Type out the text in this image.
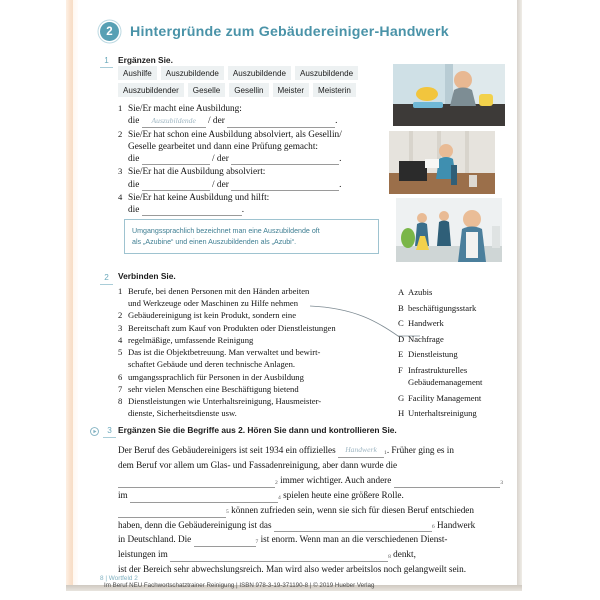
2	Hintergründe zum Gebäudereiniger-Handwerk
1	Ergänzen Sie.
Aushilfe	Auszubildende	Auszubildende	Auszubildende
Auszubildender	Geselle	Gesellin	Meister	Meisterin
1 Sie/Er macht eine Ausbildung:
die
	Auszubildende
	/ der
	.
2 Sie/Er hat schon eine Ausbildung absolviert, als Gesellin/
Geselle gearbeitet und dann eine Prüfung gemacht:
die

	/ der
	.
3 Sie/Er hat die Ausbildung absolviert:
die

	/ der
	.
4 Sie/Er hat keine Ausbildung und hilft:
die
	.
Umgangssprachlich bezeichnet man eine Auszubildende oft
als „Azubine“ und einen Auszubildenden als „Azubi“.
2	Verbinden Sie.
1 Berufe, bei denen Personen mit den Händen arbeiten
und Werkzeuge oder Maschinen zu Hilfe nehmen
2 Gebäudereinigung ist kein Produkt, sondern eine
3 Bereitschaft zum Kauf von Produkten oder Dienstleistungen
4 regelmäßige, umfassende Reinigung
5 Das ist die Objektbetreuung. Man verwaltet und bewirt-
schaftet Gebäude und deren technische Anlagen.
6 umgangssprachlich für Personen in der Ausbildung
7 sehr vielen Menschen eine Beschäftigung bietend
8 Dienstleistungen wie Unterhaltsreinigung, Hausmeister-
dienste, Sicherheitsdienste usw.
A Azubis
B beschäftigungsstark
C Handwerk
D Nachfrage
E Dienstleistung
F Infrastrukturelles
Gebäudemanagement
G Facility Management
H Unterhaltsreinigung
3 Ergänzen Sie die Begriffe aus 2. Hören Sie dann und kontrollieren Sie.
Der Beruf des Gebäudereinigers ist seit 1934 ein offizielles
	Handwerk	1 . Früher ging es in
dem Beruf vor allem um Glas- und Fassadenreinigung, aber dann wurde die
2
immer wichtiger. Auch andere
	3
im
	4
spielen heute eine größere Rolle.
5
können zufrieden sein, wenn sie sich für diesen Beruf entschieden
haben, denn die Gebäudereinigung ist das
	6
Handwerk
in Deutschland. Die
	7
ist enorm. Wenn man an die verschiedenen Dienst-
leistungen im
	8
denkt,
ist der Bereich sehr abwechslungsreich. Man wird also weder arbeitslos noch gelangweilt sein.
8 | Wortfeld 2
Im Beruf NEU Fachwortschatztrainer Reinigung | ISBN 978-3-19-371190-8 | © 2019 Hueber Verlag
